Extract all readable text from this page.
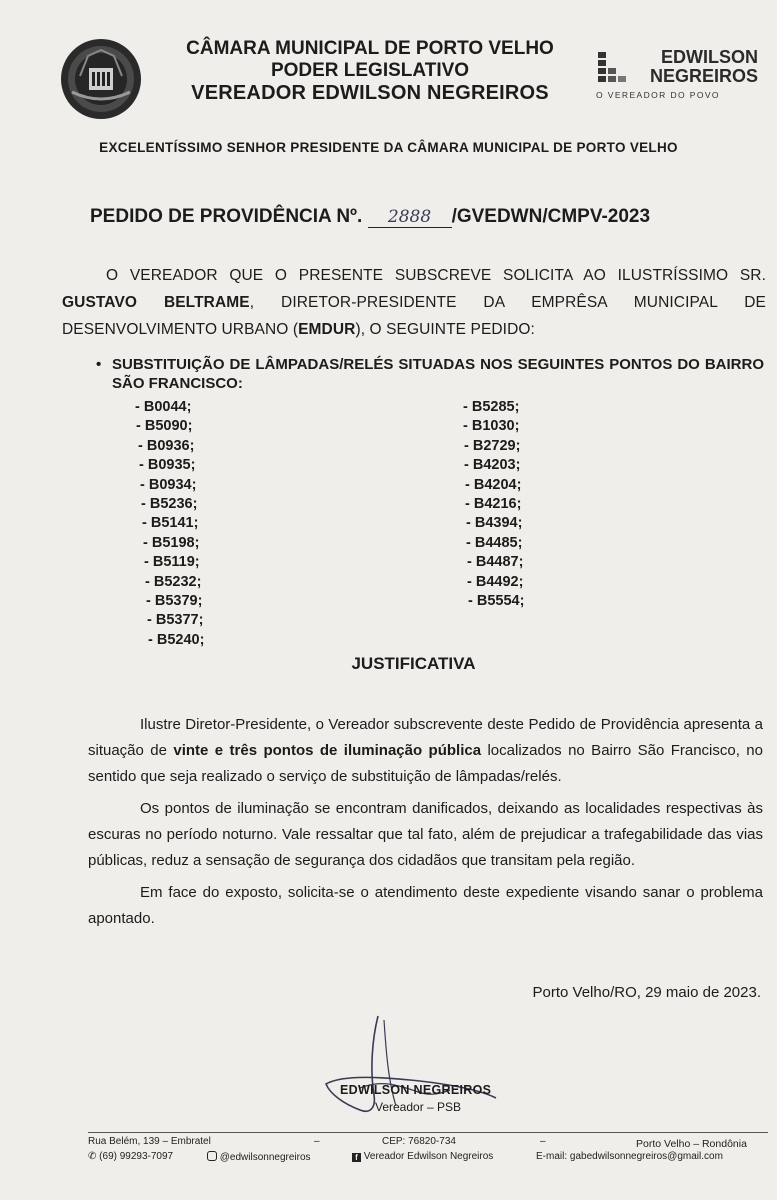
CÂMARA MUNICIPAL DE PORTO VELHO
PODER LEGISLATIVO
VEREADOR EDWILSON NEGREIROS
EDWILSON
NEGREIROS
O VEREADOR DO POVO
EXCELENTÍSSIMO SENHOR PRESIDENTE DA CÂMARA MUNICIPAL DE PORTO VELHO
PEDIDO DE PROVIDÊNCIA Nº. 2888 /GVEDWN/CMPV-2023
O VEREADOR QUE O PRESENTE SUBSCREVE SOLICITA AO ILUSTRÍSSIMO SR. GUSTAVO BELTRAME, DIRETOR-PRESIDENTE DA EMPRÊSA MUNICIPAL DE DESENVOLVIMENTO URBANO (EMDUR), O SEGUINTE PEDIDO:
• SUBSTITUIÇÃO DE LÂMPADAS/RELÉS SITUADAS NOS SEGUINTES PONTOS DO BAIRRO SÃO FRANCISCO:
- B0044;
- B5090;
- B0936;
- B0935;
- B0934;
- B5236;
- B5141;
- B5198;
- B5119;
- B5232;
- B5379;
- B5377;
- B5240;
- B5285;
- B1030;
- B2729;
- B4203;
- B4204;
- B4216;
- B4394;
- B4485;
- B4487;
- B4492;
- B5554;
JUSTIFICATIVA

Ilustre Diretor-Presidente, o Vereador subscrevente deste Pedido de Providência apresenta a situação de vinte e três pontos de iluminação pública localizados no Bairro São Francisco, no sentido que seja realizado o serviço de substituição de lâmpadas/relés.

Os pontos de iluminação se encontram danificados, deixando as localidades respectivas às escuras no período noturno. Vale ressaltar que tal fato, além de prejudicar a trafegabilidade das vias públicas, reduz a sensação de segurança dos cidadãos que transitam pela região.

Em face do exposto, solicita-se o atendimento deste expediente visando sanar o problema apontado.

Porto Velho/RO, 29 maio de 2023.
EDWILSON NEGREIROS
Vereador – PSB
Rua Belém, 139 – Embratel	–	CEP: 76820-734	–	Porto Velho – Rondônia
✆ (69) 99293-7097	@edwilsonnegreiros	f Vereador Edwilson Negreiros	E-mail: gabedwilsonnegreiros@gmail.com
